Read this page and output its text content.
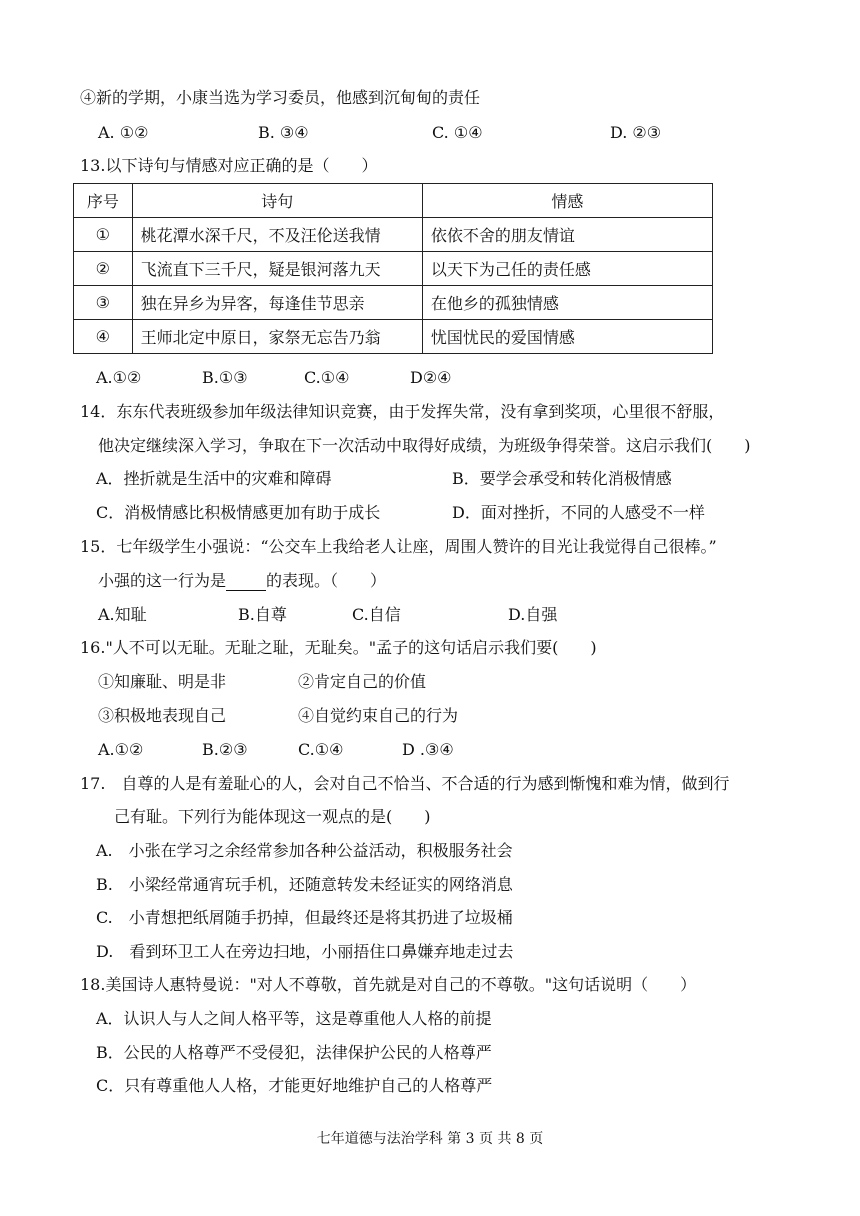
④新的学期，小康当选为学习委员，他感到沉甸甸的责任
A. ①②	B. ③④	C. ①④	D. ②③
13.以下诗句与情感对应正确的是（　　）
序号	诗句	情感
①	桃花潭水深千尺，不及汪伦送我情	依依不舍的朋友情谊
②	飞流直下三千尺，疑是银河落九天	以天下为己任的责任感
③	独在异乡为异客，每逢佳节思亲	在他乡的孤独情感
④	王师北定中原日，家祭无忘告乃翁	忧国忧民的爱国情感
A.①②	B.①③	C.①④	D②④
14．东东代表班级参加年级法律知识竞赛，由于发挥失常，没有拿到奖项，心里很不舒服，
他决定继续深入学习，争取在下一次活动中取得好成绩，为班级争得荣誉。这启示我们(　　)
A．挫折就是生活中的灾难和障碍	B．要学会承受和转化消极情感
C．消极情感比积极情感更加有助于成长	D．面对挫折，不同的人感受不一样
15．七年级学生小强说：“公交车上我给老人让座，周围人赞许的目光让我觉得自己很棒。”
小强的这一行为是	的表现。（　　）
A.知耻	B.自尊	C.自信	D.自强
16."人不可以无耻。无耻之耻，无耻矣。"孟子的这句话启示我们要(　　)
①知廉耻、明是非	②肯定自己的价值
③积极地表现自己	④自觉约束自己的行为
A.①②	B.②③	C.①④	D .③④
17.　自尊的人是有羞耻心的人，会对自己不恰当、不合适的行为感到惭愧和难为情，做到行
己有耻。下列行为能体现这一观点的是(　　)
A.　小张在学习之余经常参加各种公益活动，积极服务社会
B.　小梁经常通宵玩手机，还随意转发未经证实的网络消息
C.　小青想把纸屑随手扔掉，但最终还是将其扔进了垃圾桶
D.　看到环卫工人在旁边扫地，小丽捂住口鼻嫌弃地走过去
18.美国诗人惠特曼说："对人不尊敬，首先就是对自己的不尊敬。"这句话说明（　　）
A．认识人与人之间人格平等，这是尊重他人人格的前提
B．公民的人格尊严不受侵犯，法律保护公民的人格尊严
C．只有尊重他人人格，才能更好地维护自己的人格尊严
七年道德与法治学科 第 3 页 共 8 页
